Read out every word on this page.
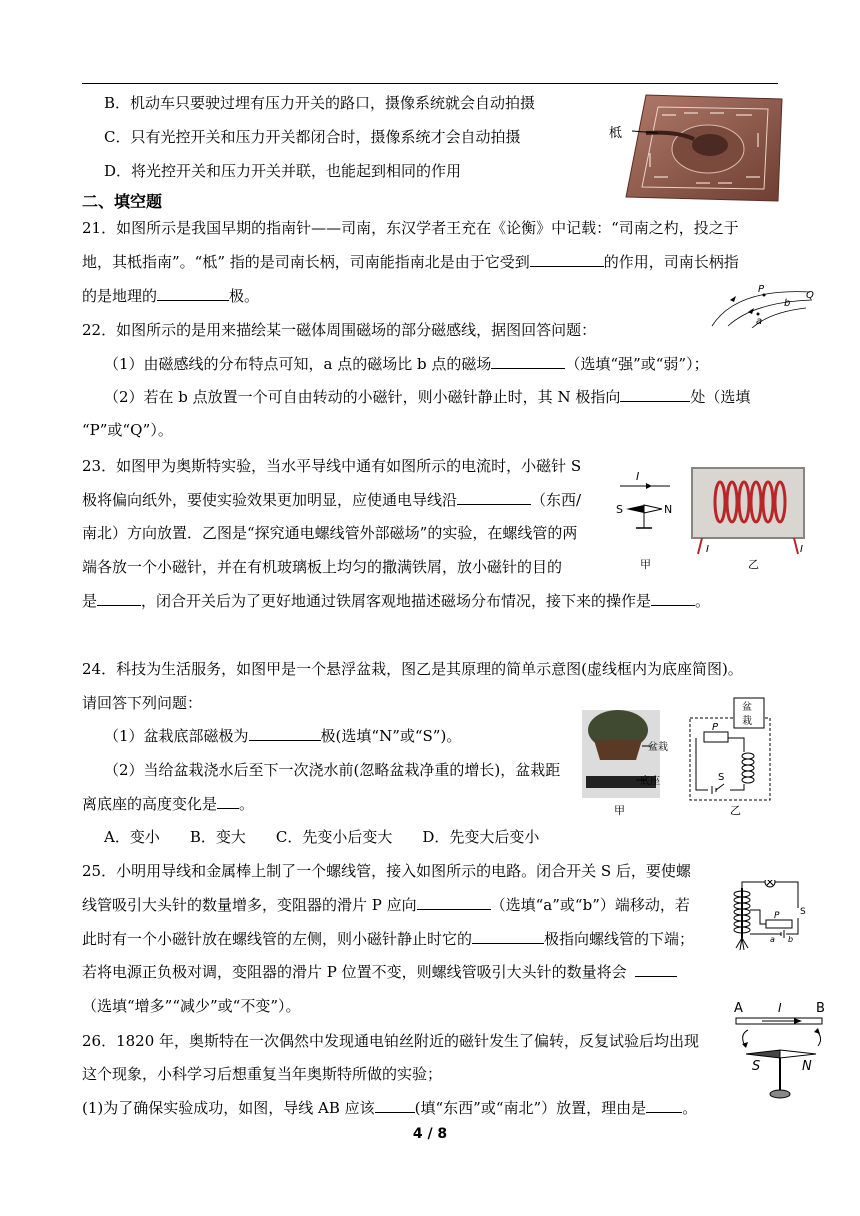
B．机动车只要驶过埋有压力开关的路口，摄像系统就会自动拍摄
C．只有光控开关和压力开关都闭合时，摄像系统才会自动拍摄
D．将光控开关和压力开关并联，也能起到相同的作用
柢
二、填空题
21．如图所示是我国早期的指南针——司南，东汉学者王充在《论衡》中记载：“司南之杓，投之于
地，其柢指南”。“柢” 指的是司南长柄，司南能指南北是由于它受到	的作用，司南长柄指
的是地理的	极。	P
Q
a
b
22．如图所示的是用来描绘某一磁体周围磁场的部分磁感线，据图回答问题：
（1）由磁感线的分布特点可知，a 点的磁场比 b 点的磁场	（选填“强”或“弱”）；
（2）若在 b 点放置一个可自由转动的小磁针，则小磁针静止时，其 N 极指向	处（选填
“P”或“Q”）。
23．如图甲为奥斯特实验，当水平导线中通有如图所示的电流时，小磁针 S
极将偏向纸外，要使实验效果更加明显，应使通电导线沿	（东西/
南北）方向放置．乙图是“探究通电螺线管外部磁场”的实验，在螺线管的两
端各放一个小磁针，并在有机玻璃板上均匀的撒满铁屑，放小磁针的目的
是	，闭合开关后为了更好地通过铁屑客观地描述磁场分布情况，接下来的操作是	。
I
S	N
甲
I	I
乙
24．科技为生活服务，如图甲是一个悬浮盆栽，图乙是其原理的简单示意图(虚线框内为底座简图)。
请回答下列问题：
（1）盆栽底部磁极为	极(选填“N”或“S”)。
（2）当给盆栽浇水后至下一次浇水前(忽略盆栽净重的增长)，盆栽距
离底座的高度变化是 。
A．变小　　B．变大　　C．先变小后变大　　D．先变大后变小
盆栽
底座
甲
盆
栽
P
S
乙
25．小明用导线和金属棒上制了一个螺线管，接入如图所示的电路。闭合开关 S 后，要使螺
线管吸引大头针的数量增多，变阻器的滑片 P 应向	（选填“a”或“b”）端移动，若
此时有一个小磁针放在螺线管的左侧，则小磁针静止时它的	极指向螺线管的下端；
若将电源正负极对调，变阻器的滑片 P 位置不变，则螺线管吸引大头针的数量将会
（选填“增多”“减少”或“不变”）。
S
P
a b
26．1820 年，奥斯特在一次偶然中发现通电铂丝附近的磁针发生了偏转，反复试验后均出现
这个现象，小科学习后想重复当年奥斯特所做的实验；
(1)为了确保实验成功，如图，导线 AB 应该	(填“东西”或“南北”）放置，理由是 。
A	B
I
S	N
4 / 8
